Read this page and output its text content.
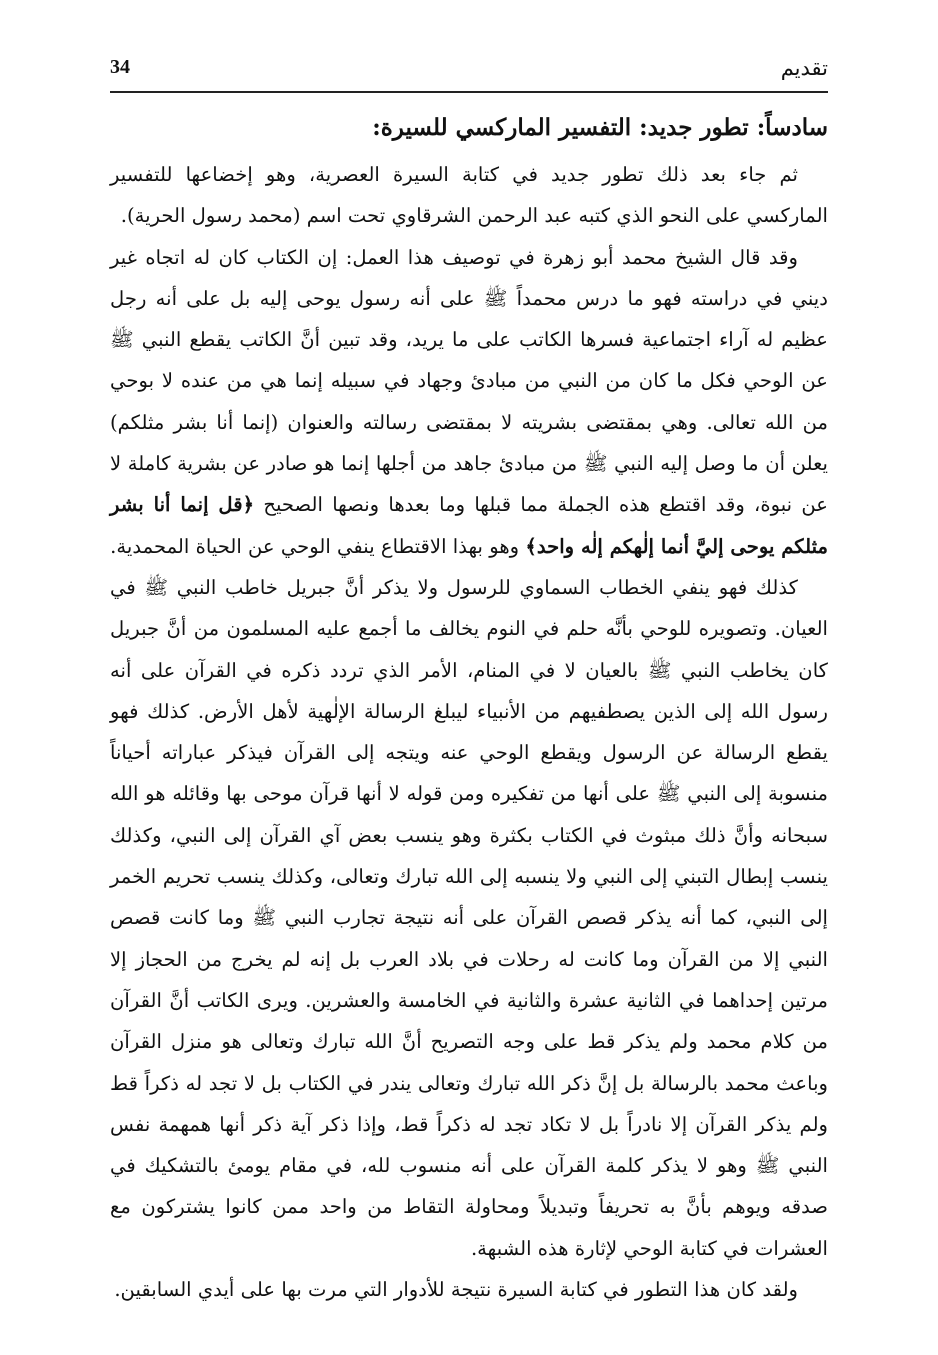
34	تقديم
سادساً: تطور جديد: التفسير الماركسي للسيرة:

ثم جاء بعد ذلك تطور جديد في كتابة السيرة العصرية، وهو إخضاعها للتفسير الماركسي على النحو الذي كتبه عبد الرحمن الشرقاوي تحت اسم (محمد رسول الحرية).

وقد قال الشيخ محمد أبو زهرة في توصيف هذا العمل: إن الكتاب كان له اتجاه غير ديني في دراسته فهو ما درس محمداً ﷺ على أنه رسول يوحى إليه بل على أنه رجل عظيم له آراء اجتماعية فسرها الكاتب على ما يريد، وقد تبين أنَّ الكاتب يقطع النبي ﷺ عن الوحي فكل ما كان من النبي من مبادئ وجهاد في سبيله إنما هي من عنده لا بوحي من الله تعالى. وهي بمقتضى بشريته لا بمقتضى رسالته والعنوان (إنما أنا بشر مثلكم) يعلن أن ما وصل إليه النبي ﷺ من مبادئ جاهد من أجلها إنما هو صادر عن بشرية كاملة لا عن نبوة، وقد اقتطع هذه الجملة مما قبلها وما بعدها ونصها الصحيح ﴿قل إنما أنا بشر مثلكم يوحى إليَّ أنما إلٰهكم إلٰه واحد﴾ وهو بهذا الاقتطاع ينفي الوحي عن الحياة المحمدية.

كذلك فهو ينفي الخطاب السماوي للرسول ولا يذكر أنَّ جبريل خاطب النبي ﷺ في العيان. وتصويره للوحي بأنَّه حلم في النوم يخالف ما أجمع عليه المسلمون من أنَّ جبريل كان يخاطب النبي ﷺ بالعيان لا في المنام، الأمر الذي تردد ذكره في القرآن على أنه رسول الله إلى الذين يصطفيهم من الأنبياء ليبلغ الرسالة الإلٰهية لأهل الأرض. كذلك فهو يقطع الرسالة عن الرسول ويقطع الوحي عنه ويتجه إلى القرآن فيذكر عباراته أحياناً منسوبة إلى النبي ﷺ على أنها من تفكيره ومن قوله لا أنها قرآن موحى بها وقائله هو الله سبحانه وأنَّ ذلك مبثوث في الكتاب بكثرة وهو ينسب بعض آي القرآن إلى النبي، وكذلك ينسب إبطال التبني إلى النبي ولا ينسبه إلى الله تبارك وتعالى، وكذلك ينسب تحريم الخمر إلى النبي، كما أنه يذكر قصص القرآن على أنه نتيجة تجارب النبي ﷺ وما كانت قصص النبي إلا من القرآن وما كانت له رحلات في بلاد العرب بل إنه لم يخرج من الحجاز إلا مرتين إحداهما في الثانية عشرة والثانية في الخامسة والعشرين. ويرى الكاتب أنَّ القرآن من كلام محمد ولم يذكر قط على وجه التصريح أنَّ الله تبارك وتعالى هو منزل القرآن وباعث محمد بالرسالة بل إنَّ ذكر الله تبارك وتعالى يندر في الكتاب بل لا تجد له ذكراً قط ولم يذكر القرآن إلا نادراً بل لا تكاد تجد له ذكراً قط، وإذا ذكر آية ذكر أنها همهمة نفس النبي ﷺ وهو لا يذكر كلمة القرآن على أنه منسوب لله، في مقام يومئ بالتشكيك في صدقه ويوهم بأنَّ به تحريفاً وتبديلاً ومحاولة التقاط من واحد ممن كانوا يشتركون مع العشرات في كتابة الوحي لإثارة هذه الشبهة.

ولقد كان هذا التطور في كتابة السيرة نتيجة للأدوار التي مرت بها على أيدي السابقين.
